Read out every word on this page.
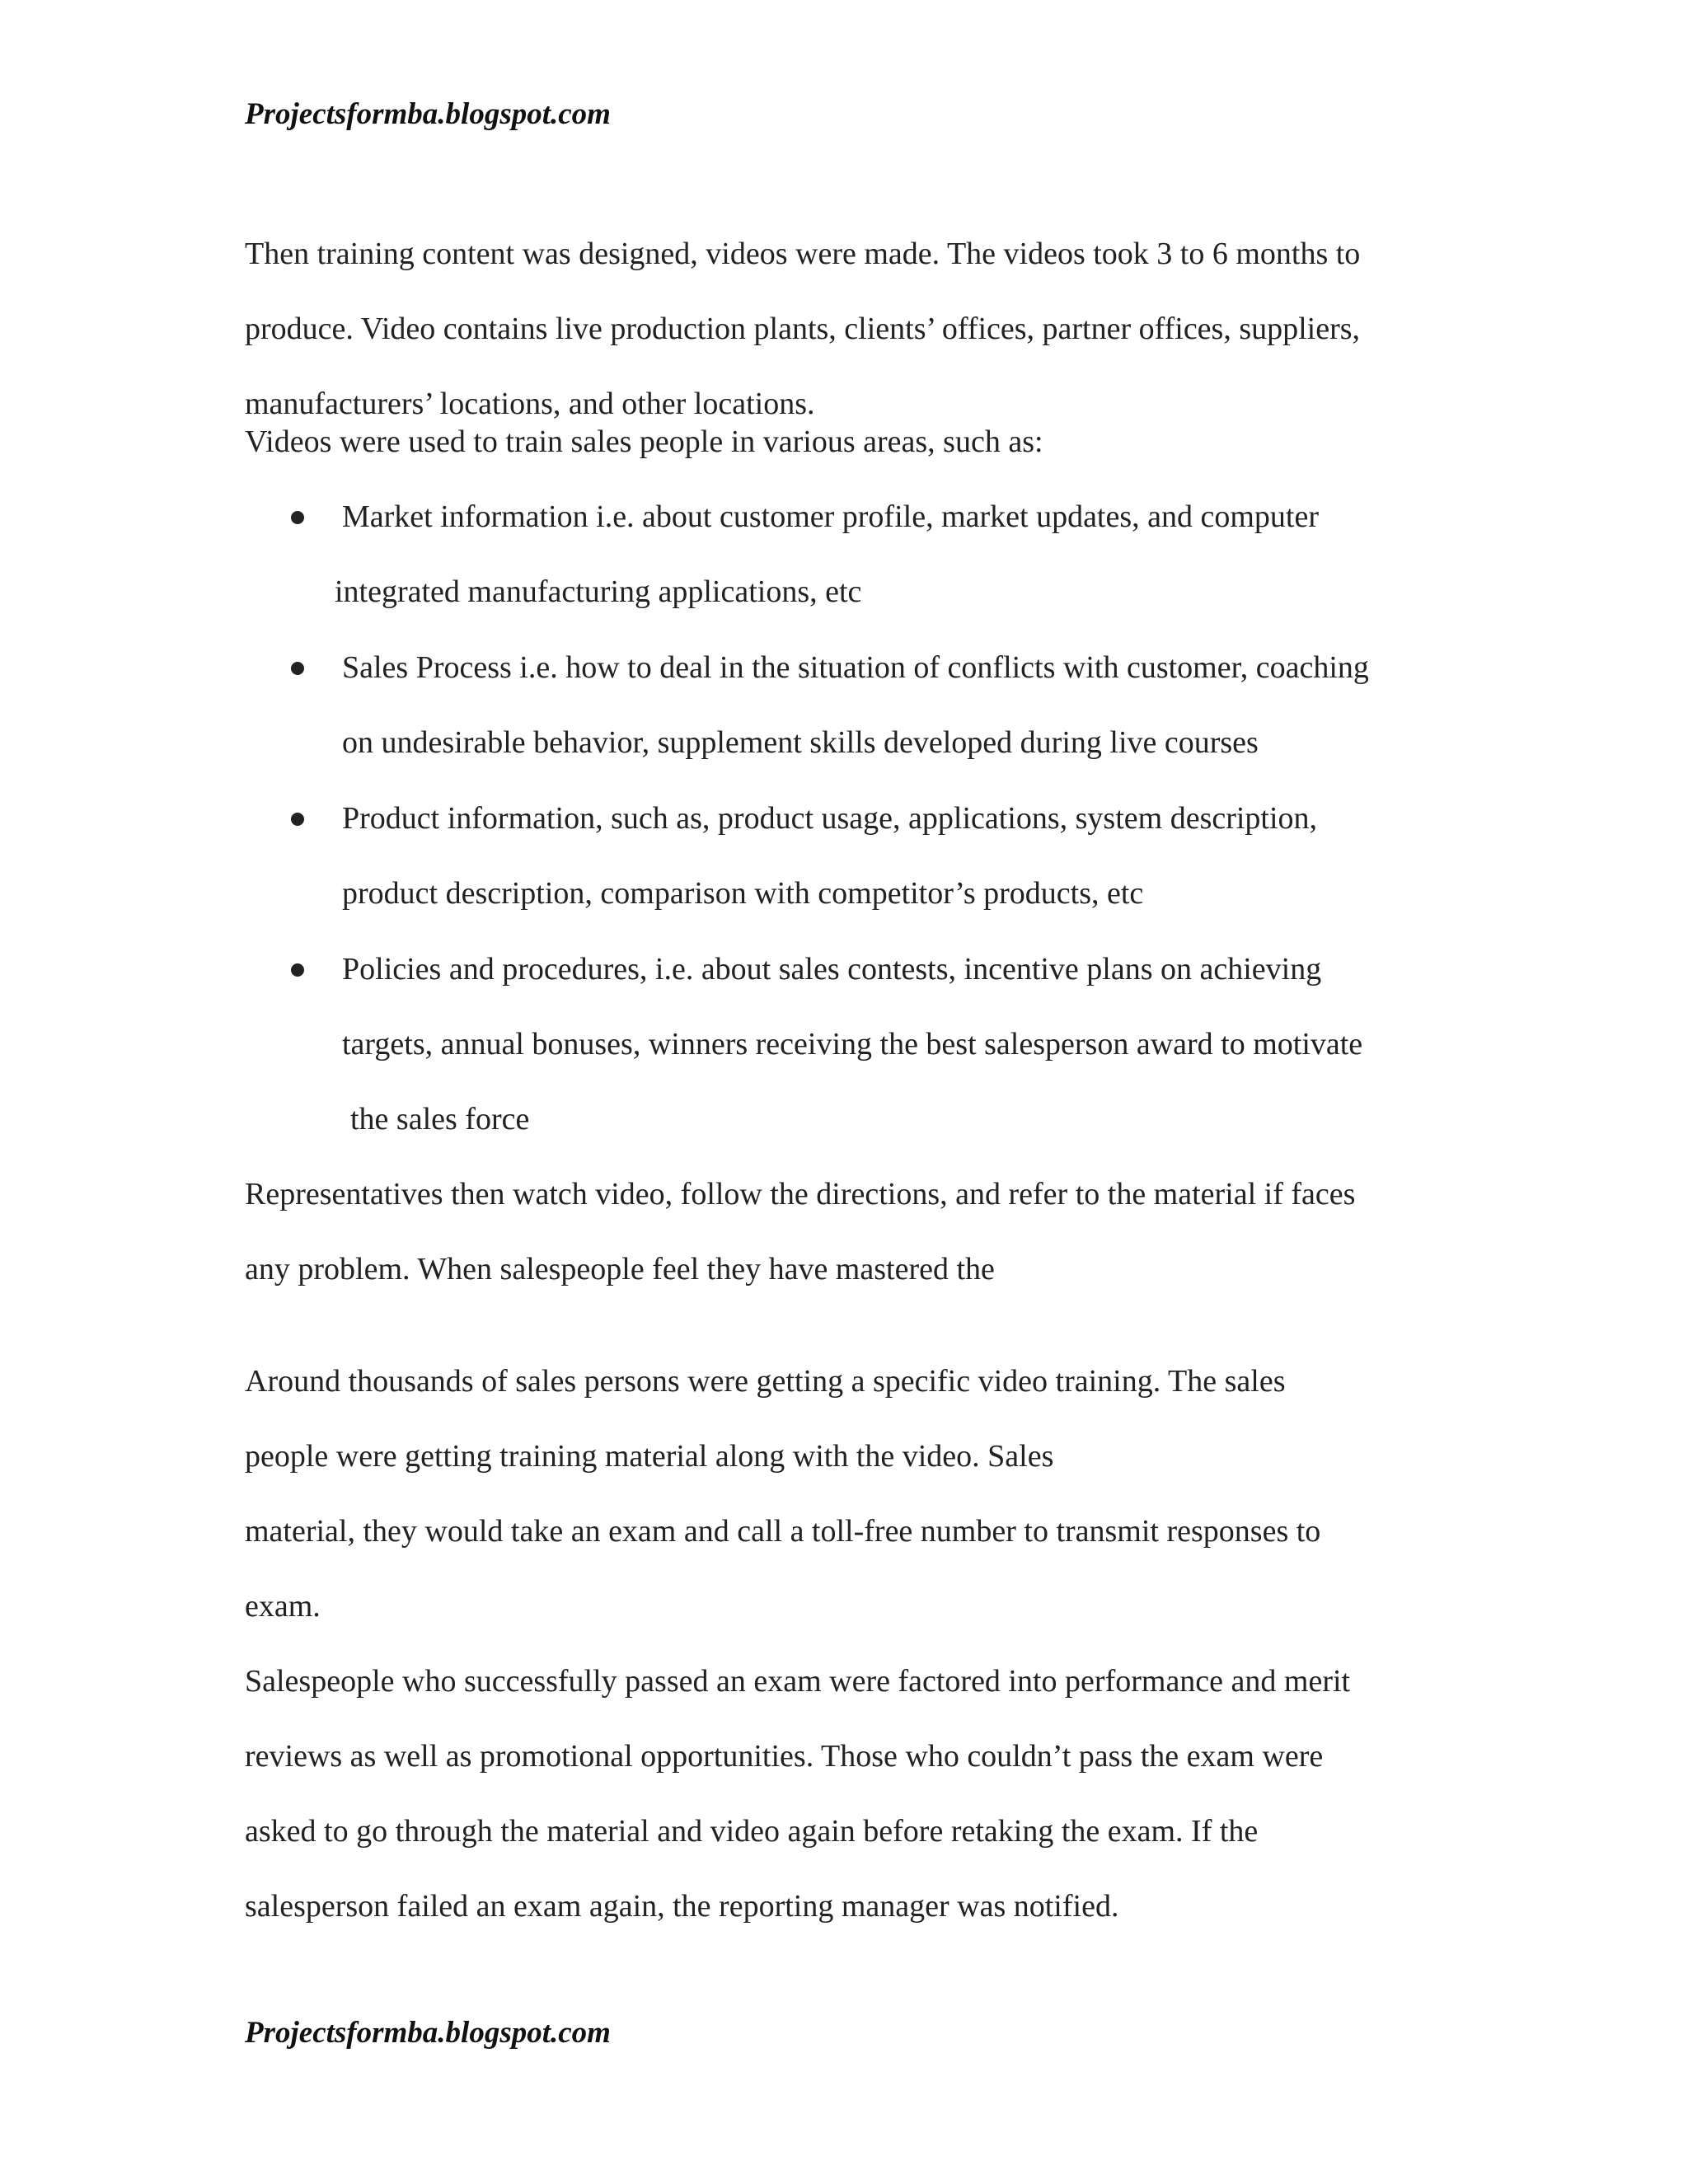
Projectsformba.blogspot.com
Then training content was designed, videos were made. The videos took 3 to 6 months to
produce. Video contains live production plants, clients’ offices, partner offices, suppliers,
manufacturers’ locations, and other locations.
Videos were used to train sales people in various areas, such as:
Market information i.e. about customer profile, market updates, and computer
integrated manufacturing applications, etc
Sales Process i.e. how to deal in the situation of conflicts with customer, coaching
on undesirable behavior, supplement skills developed during live courses
Product information, such as, product usage, applications, system description,
product description, comparison with competitor’s products, etc
Policies and procedures, i.e. about sales contests, incentive plans on achieving
targets, annual bonuses, winners receiving the best salesperson award to motivate
the sales force
Representatives then watch video, follow the directions, and refer to the material if faces
any problem. When salespeople feel they have mastered the
Around thousands of sales persons were getting a specific video training. The sales
people were getting training material along with the video. Sales
material, they would take an exam and call a toll-free number to transmit responses to
exam.
Salespeople who successfully passed an exam were factored into performance and merit
reviews as well as promotional opportunities. Those who couldn’t pass the exam were
asked to go through the material and video again before retaking the exam. If the
salesperson failed an exam again, the reporting manager was notified.
Projectsformba.blogspot.com
